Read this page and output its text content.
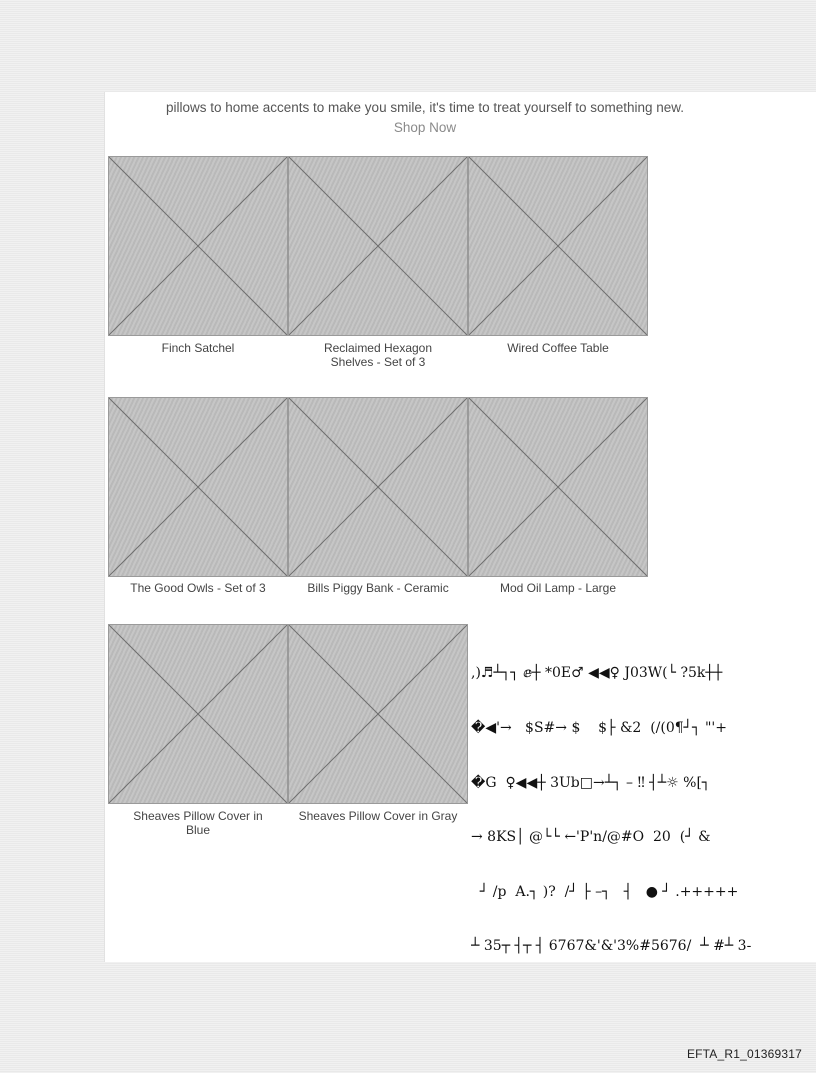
pillows to home accents to make you smile, it's time to treat yourself to something new.
Shop Now
Finch Satchel	Reclaimed Hexagon Shelves - Set of 3
Wired Coffee Table
The Good Owls - Set of 3	Bills Piggy Bank - Ceramic	Mod Oil Lamp - Large
Sheaves Pillow Cover in Blue
Sheaves Pillow Cover in Gray

,)♬┴┐┐ ⅇ┼ *0E♂ ◀◀♀ J03W(└ ?5k┼┼

�◀'→   $S#→ $    $├ &2  (/(0¶┘┐ "'+

�G  ♀◀◀┼ 3Ub□→┴┐ – ‼ ┤┴☼ %[┐

→ 8KS│ @└└ ←'P'n/@#O  20  (┘ &

┘ /p  A.┐ )?  /┘ ├ –┐   ┤   ● ┘ .+++++

┴ 35┬ ┤┬ ┤ 6767&'&'3%#5676/  ┴ #┴ 3-

EFTA_R1_01369317
